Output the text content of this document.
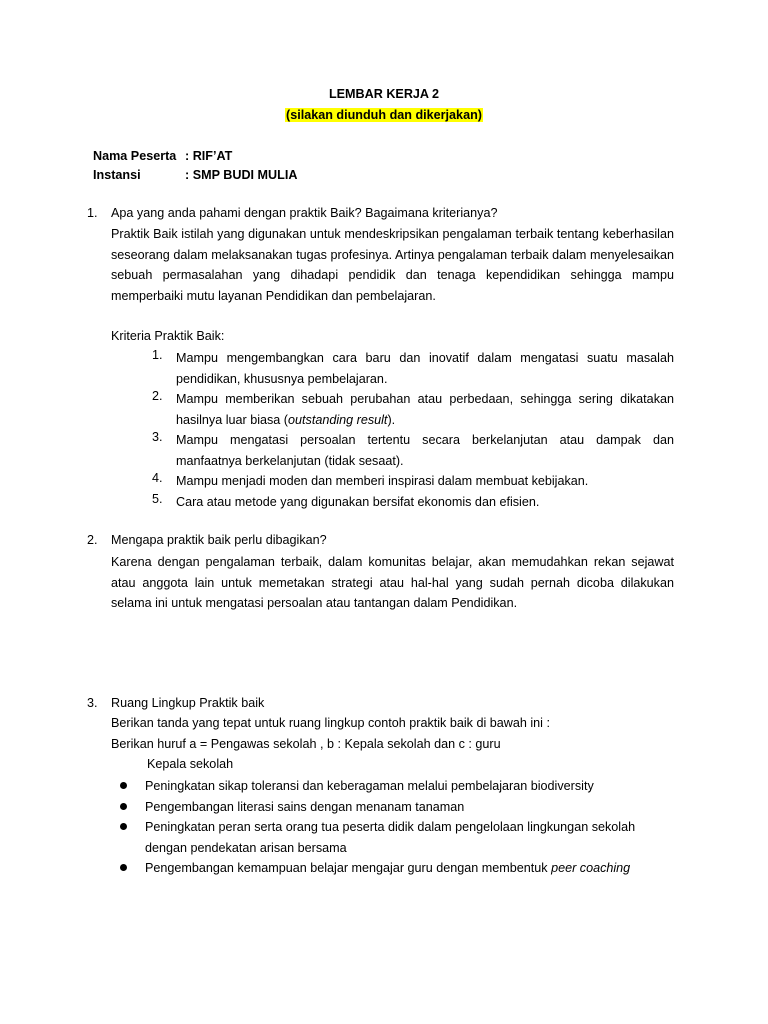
LEMBAR KERJA 2
(silakan diunduh dan dikerjakan)
Nama Peserta : RIF’AT
Instansi	: SMP BUDI MULIA
1. Apa yang anda pahami dengan praktik Baik? Bagaimana kriterianya?
Praktik Baik istilah yang digunakan untuk mendeskripsikan pengalaman terbaik tentang keberhasilan seseorang dalam melaksanakan tugas profesinya. Artinya pengalaman terbaik dalam menyelesaikan sebuah permasalahan yang dihadapi pendidik dan tenaga kependidikan sehingga mampu memperbaiki mutu layanan Pendidikan dan pembelajaran.
Kriteria Praktik Baik:
1. Mampu mengembangkan cara baru dan inovatif dalam mengatasi suatu masalah pendidikan, khususnya pembelajaran.
2. Mampu memberikan sebuah perubahan atau perbedaan, sehingga sering dikatakan hasilnya luar biasa (outstanding result).
3. Mampu mengatasi persoalan tertentu secara berkelanjutan atau dampak dan manfaatnya berkelanjutan (tidak sesaat).
4. Mampu menjadi moden dan memberi inspirasi dalam membuat kebijakan.
5. Cara atau metode yang digunakan bersifat ekonomis dan efisien.
2. Mengapa praktik baik perlu dibagikan?
Karena dengan pengalaman terbaik, dalam komunitas belajar, akan memudahkan rekan sejawat atau anggota lain untuk memetakan strategi atau hal-hal yang sudah pernah dicoba dilakukan selama ini untuk mengatasi persoalan atau tantangan dalam Pendidikan.
3. Ruang Lingkup Praktik baik
Berikan tanda yang tepat untuk ruang lingkup contoh praktik baik di bawah ini :
Berikan huruf a = Pengawas sekolah , b : Kepala sekolah dan c : guru
Kepala sekolah
Peningkatan sikap toleransi dan keberagaman melalui pembelajaran biodiversity
Pengembangan literasi sains dengan menanam tanaman
Peningkatan peran serta orang tua peserta didik dalam pengelolaan lingkungan sekolah dengan pendekatan arisan bersama
Pengembangan kemampuan belajar mengajar guru dengan membentuk peer coaching
